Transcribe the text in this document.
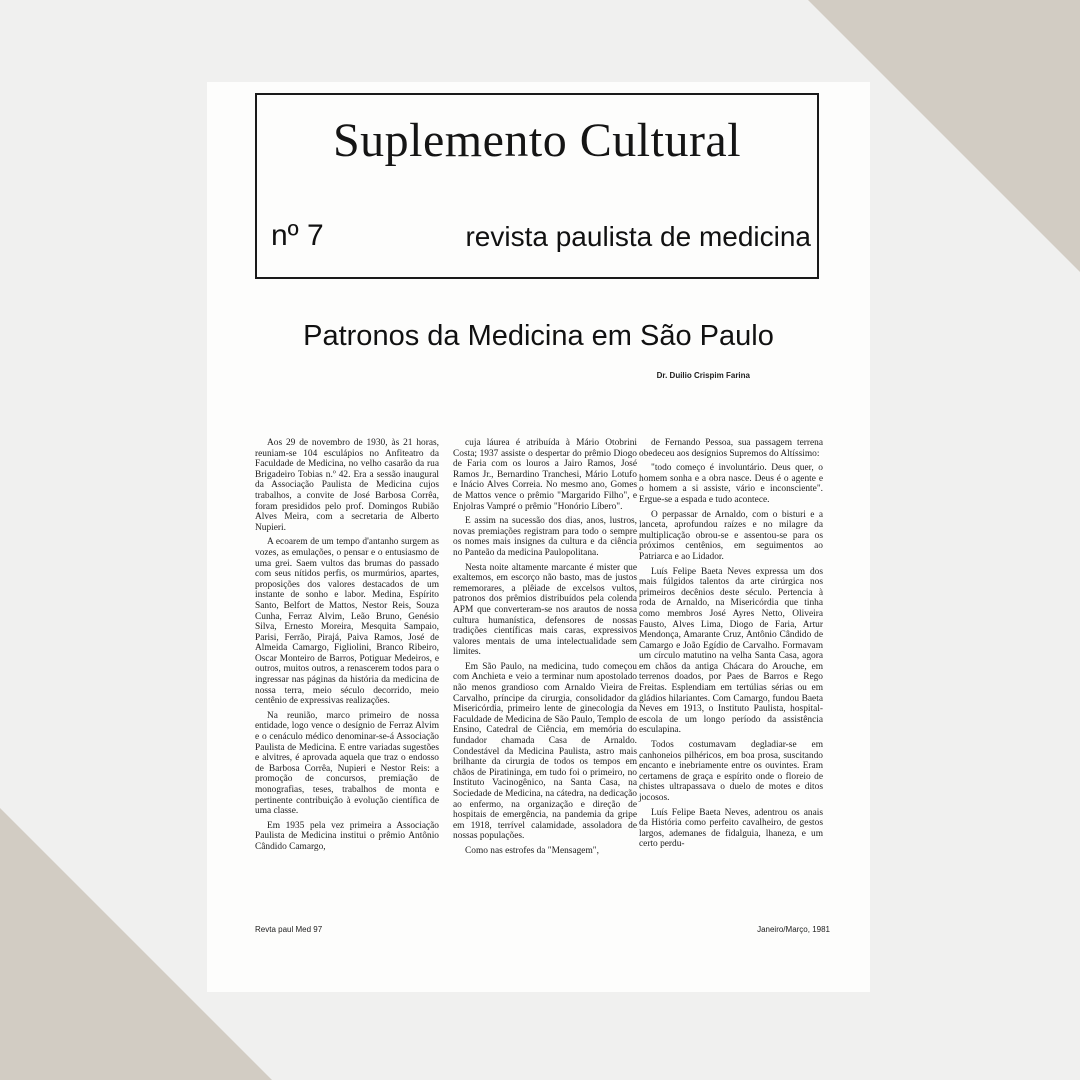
Suplemento Cultural
nº 7	revista paulista de medicina
Patronos da Medicina em São Paulo
Dr. Duilio Crispim Farina

Aos 29 de novembro de 1930, às 21 horas, reuniam-se 104 esculápios no Anfiteatro da Faculdade de Medicina, no velho casarão da rua Brigadeiro Tobias n.º 42. Era a sessão inaugural da Associação Paulista de Medicina cujos trabalhos, a convite de José Barbosa Corrêa, foram presididos pelo prof. Domingos Rubião Alves Meira, com a secretaria de Alberto Nupieri.

A ecoarem de um tempo d'antanho surgem as vozes, as emulações, o pensar e o entusiasmo de uma grei. Saem vultos das brumas do passado com seus nítidos perfis, os murmúrios, apartes, proposições dos valores destacados de um instante de sonho e labor. Medina, Espírito Santo, Belfort de Mattos, Nestor Reis, Souza Cunha, Ferraz Alvim, Leão Bruno, Genésio Silva, Ernesto Moreira, Mesquita Sampaio, Parisi, Ferrão, Pirajá, Paiva Ramos, José de Almeida Camargo, Figliolini, Branco Ribeiro, Oscar Monteiro de Barros, Potiguar Medeiros, e outros, muitos outros, a renascerem todos para o ingressar nas páginas da história da medicina de nossa terra, meio século decorrido, meio centênio de expressivas realizações.

Na reunião, marco primeiro de nossa entidade, logo vence o desígnio de Ferraz Alvim e o cenáculo médico denominar-se-á Associação Paulista de Medicina. E entre variadas sugestões e alvitres, é aprovada aquela que traz o endosso de Barbosa Corrêa, Nupieri e Nestor Reis: a promoção de concursos, premiação de monografias, teses, trabalhos de monta e pertinente contribuição à evolução científica de uma classe.

Em 1935 pela vez primeira a Associação Paulista de Medicina institui o prêmio Antônio Cândido Camargo,

cuja láurea é atribuída à Mário Otobrini Costa; 1937 assiste o despertar do prêmio Diogo de Faria com os louros a Jairo Ramos, José Ramos Jr., Bernardino Tranchesi, Mário Lotufo e Inácio Alves Correia. No mesmo ano, Gomes de Mattos vence o prêmio "Margarido Filho", e Enjolras Vampré o prêmio "Honório Líbero".

E assim na sucessão dos dias, anos, lustros, novas premiações registram para todo o sempre os nomes mais insignes da cultura e da ciência no Panteão da medicina Paulopolitana.

Nesta noite altamente marcante é mister que exaltemos, em escorço não basto, mas de justos rememorares, a plêiade de excelsos vultos, patronos dos prêmios distribuídos pela colenda APM que converteram-se nos arautos de nossa cultura humanística, defensores de nossas tradições científicas mais caras, expressivos valores mentais de uma intelectualidade sem limites.

Em São Paulo, na medicina, tudo começou com Anchieta e veio a terminar num apostolado não menos grandioso com Arnaldo Vieira de Carvalho, príncipe da cirurgia, consolidador da Misericórdia, primeiro lente de ginecologia da Faculdade de Medicina de São Paulo, Templo de Ensino, Catedral de Ciência, em memória do fundador chamada Casa de Arnaldo. Condestável da Medicina Paulista, astro mais brilhante da cirurgia de todos os tempos em chãos de Piratininga, em tudo foi o primeiro, no Instituto Vacinogênico, na Santa Casa, na Sociedade de Medicina, na cátedra, na dedicação ao enfermo, na organização e direção de hospitais de emergência, na pandemia da gripe em 1918, terrível calamidade, assoladora de nossas populações.

Como nas estrofes da "Mensagem",

de Fernando Pessoa, sua passagem terrena obedeceu aos desígnios Supremos do Altíssimo:

"todo começo é involuntário. Deus quer, o homem sonha e a obra nasce. Deus é o agente e o homem a si assiste, vário e inconsciente". Ergue-se a espada e tudo acontece.

O perpassar de Arnaldo, com o bisturi e a lanceta, aprofundou raízes e no milagre da multiplicação obrou-se e assentou-se para os próximos centênios, em seguimentos ao Patriarca e ao Lidador.

Luís Felipe Baeta Neves expressa um dos mais fúlgidos talentos da arte cirúrgica nos primeiros decênios deste século. Pertencia à roda de Arnaldo, na Misericórdia que tinha como membros José Ayres Netto, Oliveira Fausto, Alves Lima, Diogo de Faria, Artur Mendonça, Amarante Cruz, Antônio Cândido de Camargo e João Egídio de Carvalho. Formavam um círculo matutino na velha Santa Casa, agora em chãos da antiga Chácara do Arouche, em terrenos doados, por Paes de Barros e Rego Freitas. Esplendiam em tertúlias sérias ou em gládios hilariantes. Com Camargo, fundou Baeta Neves em 1913, o Instituto Paulista, hospital-escola de um longo período da assistência esculapina.

Todos costumavam degladiar-se em canhoneios pilhéricos, em boa prosa, suscitando encanto e inebriamente entre os ouvintes. Eram certamens de graça e espírito onde o floreio de chistes ultrapassava o duelo de motes e ditos jocosos.

Luís Felipe Baeta Neves, adentrou os anais da História como perfeito cavalheiro, de gestos largos, ademanes de fidalguia, lhaneza, e um certo perdu-

Revta paul Med 97	Janeiro/Março, 1981
